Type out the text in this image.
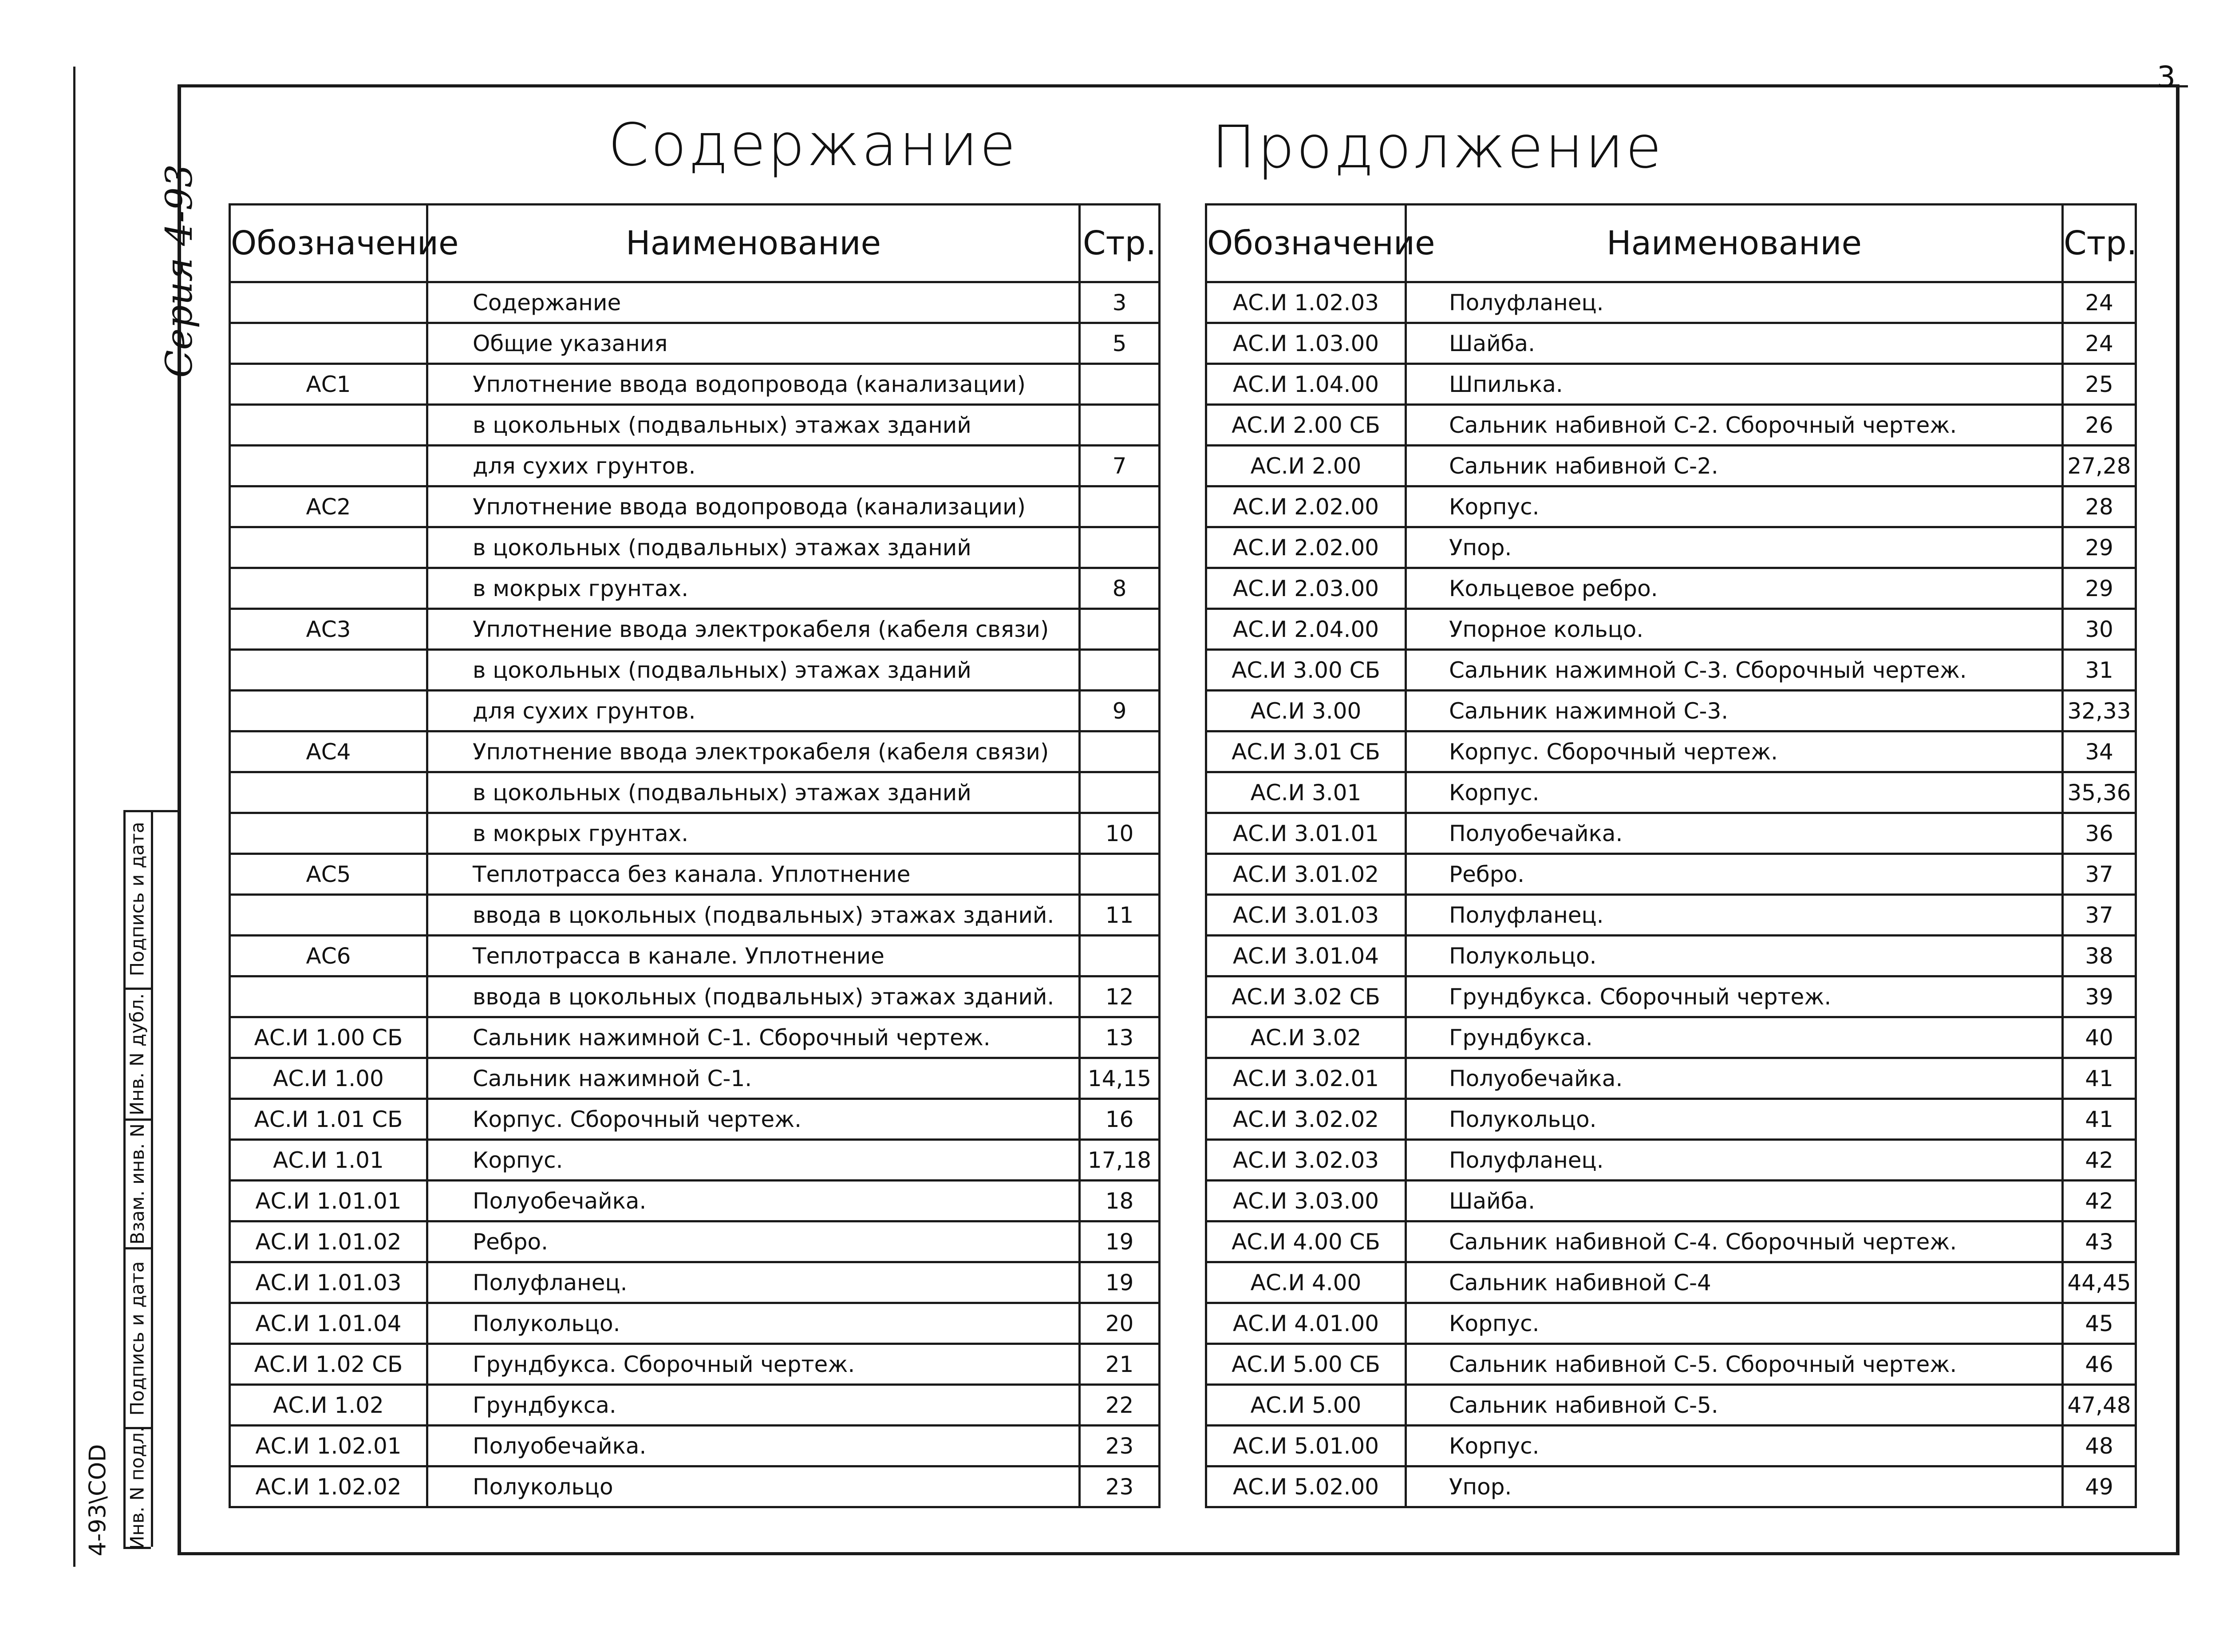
3
Серия 4-93
Содержание	Продолжение
Обозначение	Наименование	Стр.
	Содержание	3
	Общие указания	5
АС1	Уплотнение ввода водопровода (канализации)	
	в цокольных (подвальных) этажах зданий	
	для сухих грунтов.	7
АС2	Уплотнение ввода водопровода (канализации)	
	в цокольных (подвальных) этажах зданий	
	в мокрых грунтах.	8
АС3	Уплотнение ввода электрокабеля (кабеля связи)	
	в цокольных (подвальных) этажах зданий	
	для сухих грунтов.	9
АС4	Уплотнение ввода электрокабеля (кабеля связи)	
	в цокольных (подвальных) этажах зданий	
	в мокрых грунтах.	10
АС5	Теплотрасса без канала. Уплотнение	
	ввода в цокольных (подвальных) этажах зданий.	11
АС6	Теплотрасса в канале. Уплотнение	
	ввода в цокольных (подвальных) этажах зданий.	12
АС.И 1.00 СБ	Сальник нажимной С-1. Сборочный чертеж.	13
АС.И 1.00	Сальник нажимной С-1.	14,15
АС.И 1.01 СБ	Корпус. Сборочный чертеж.	16
АС.И 1.01	Корпус.	17,18
АС.И 1.01.01	Полуобечайка.	18
АС.И 1.01.02	Ребро.	19
АС.И 1.01.03	Полуфланец.	19
АС.И 1.01.04	Полукольцо.	20
АС.И 1.02 СБ	Грундбукса. Сборочный чертеж.	21
АС.И 1.02	Грундбукса.	22
АС.И 1.02.01	Полуобечайка.	23
АС.И 1.02.02	Полукольцо	23
Обозначение	Наименование	Стр.
АС.И 1.02.03	Полуфланец.	24
АС.И 1.03.00	Шайба.	24
АС.И 1.04.00	Шпилька.	25
АС.И 2.00 СБ	Сальник набивной С-2. Сборочный чертеж.	26
АС.И 2.00	Сальник набивной С-2.	27,28
АС.И 2.02.00	Корпус.	28
АС.И 2.02.00	Упор.	29
АС.И 2.03.00	Кольцевое ребро.	29
АС.И 2.04.00	Упорное кольцо.	30
АС.И 3.00 СБ	Сальник нажимной С-3. Сборочный чертеж.	31
АС.И 3.00	Сальник нажимной С-3.	32,33
АС.И 3.01 СБ	Корпус. Сборочный чертеж.	34
АС.И 3.01	Корпус.	35,36
АС.И 3.01.01	Полуобечайка.	36
АС.И 3.01.02	Ребро.	37
АС.И 3.01.03	Полуфланец.	37
АС.И 3.01.04	Полукольцо.	38
АС.И 3.02 СБ	Грундбукса. Сборочный чертеж.	39
АС.И 3.02	Грундбукса.	40
АС.И 3.02.01	Полуобечайка.	41
АС.И 3.02.02	Полукольцо.	41
АС.И 3.02.03	Полуфланец.	42
АС.И 3.03.00	Шайба.	42
АС.И 4.00 СБ	Сальник набивной С-4. Сборочный чертеж.	43
АС.И 4.00	Сальник набивной С-4	44,45
АС.И 4.01.00	Корпус.	45
АС.И 5.00 СБ	Сальник набивной С-5. Сборочный чертеж.	46
АС.И 5.00	Сальник набивной С-5.	47,48
АС.И 5.01.00	Корпус.	48
АС.И 5.02.00	Упор.	49
Подпись и дата
Инв. N дубл.
Взам. инв. N
Подпись и дата
Инв. N подл.
4-93\СОD
